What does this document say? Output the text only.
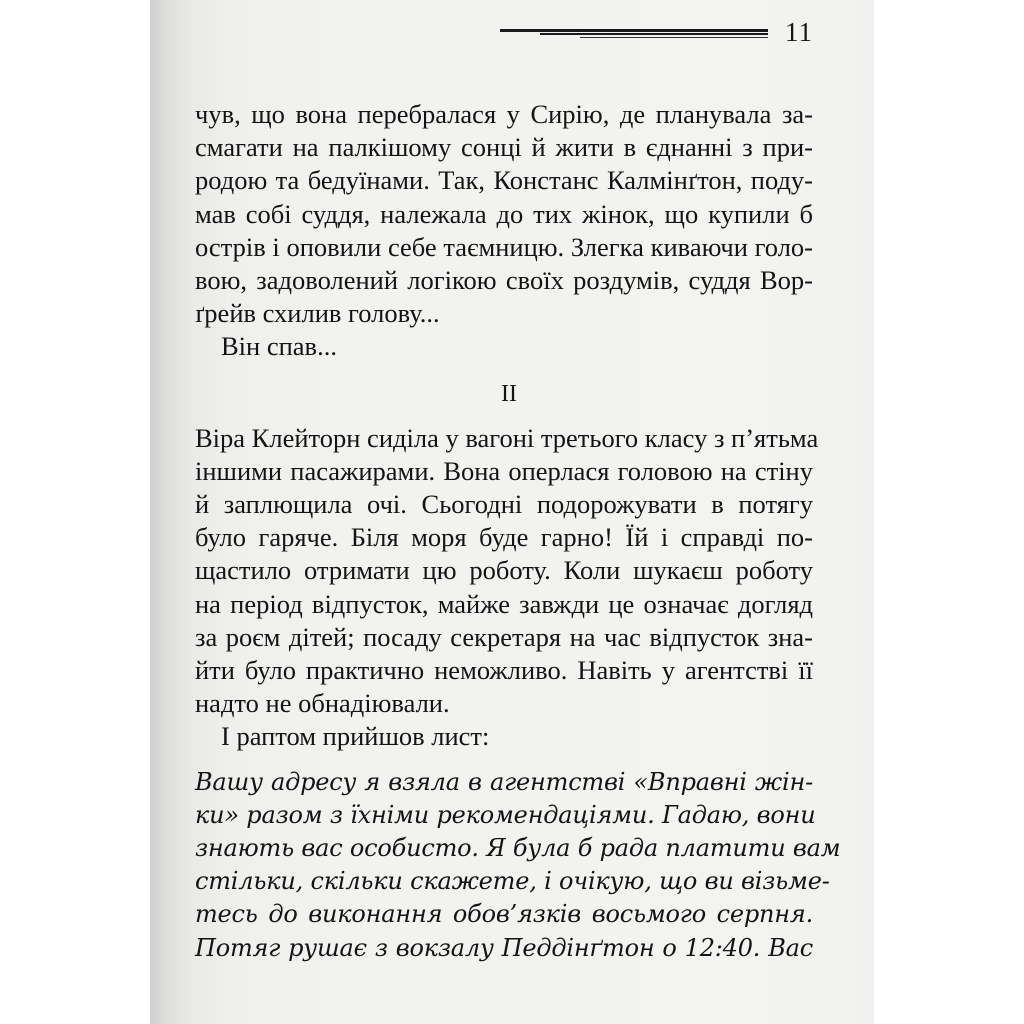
11
чув, що вона перебралася у Сирію, де планувала за-
смагати на палкішому сонці й жити в єднанні з при-
родою та бедуїнами. Так, Констанс Калмінґтон, поду-
мав собі суддя, належала до тих жінок, що купили б
острів і оповили себе таємницю. Злегка киваючи голо-
вою, задоволений логікою своїх роздумів, суддя Вор-
ґрейв схилив голову...
Він спав...
II
Віра Клейторн сиділа у вагоні третього класу з п’ятьма
іншими пасажирами. Вона оперлася головою на стіну
й заплющила очі. Сьогодні подорожувати в потягу
було гаряче. Біля моря буде гарно! Їй і справді по-
щастило отримати цю роботу. Коли шукаєш роботу
на період відпусток, майже завжди це означає догляд
за роєм дітей; посаду секретаря на час відпусток зна-
йти було практично неможливо. Навіть у агентстві її
надто не обнадіювали.
І раптом прийшов лист:
Вашу адресу я взяла в агентстві «Вправні жін-
ки» разом з їхніми рекомендаціями. Гадаю, вони
знають вас особисто. Я була б рада платити вам
стільки, скільки скажете, і очікую, що ви візьме-
тесь до виконання обов’язків восьмого серпня.
Потяг рушає з вокзалу Педдінґтон о 12:40. Вас
